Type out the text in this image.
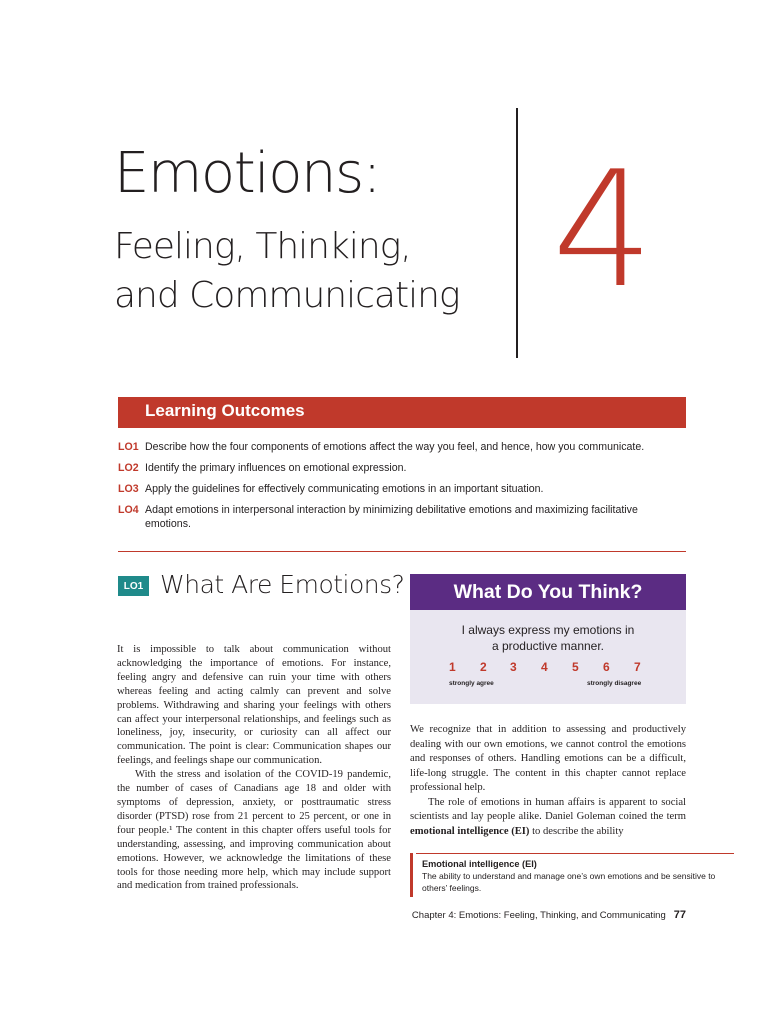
Emotions:
Feeling, Thinking,
and Communicating 4
Learning Outcomes
LO1 Describe how the four components of emotions affect the way you feel, and hence, how you communicate.
LO2 Identify the primary influences on emotional expression.
LO3 Apply the guidelines for effectively communicating emotions in an important situation.
LO4 Adapt emotions in interpersonal interaction by minimizing debilitative emotions and maximizing facilitative emotions.
LO1 What Are Emotions?

It is impossible to talk about communication without acknowledging the importance of emotions. For instance, feeling angry and defensive can ruin your time with others whereas feeling and acting calmly can prevent and solve problems. Withdrawing and sharing your feelings with others can affect your interpersonal relationships, and feelings such as loneliness, joy, insecurity, or curiosity can all affect our communication. The point is clear: Communication shapes our feelings, and feelings shape our communication.

With the stress and isolation of the COVID-19 pandemic, the number of cases of Canadians age 18 and older with symptoms of depression, anxiety, or posttraumatic stress disorder (PTSD) rose from 21 percent to 25 percent, or one in four people.¹ The content in this chapter offers useful tools for understanding, assessing, and improving communication about emotions. However, we acknowledge the limitations of these tools for those needing more help, which may include support and medication from trained professionals.

What Do You Think?
I always express my emotions in
a productive manner.
1 2 3 4 5 6 7
strongly agree	strongly disagree

We recognize that in addition to assessing and productively dealing with our own emotions, we cannot control the emotions and responses of others. Handling emotions can be a difficult, life-long struggle. The content in this chapter cannot replace professional help.

The role of emotions in human affairs is apparent to social scientists and lay people alike. Daniel Goleman coined the term emotional intelligence (EI) to describe the ability

Emotional intelligence (EI)
The ability to understand and manage one’s own emotions and be sensitive to others’ feelings.
Chapter 4: Emotions: Feeling, Thinking, and Communicating 77
